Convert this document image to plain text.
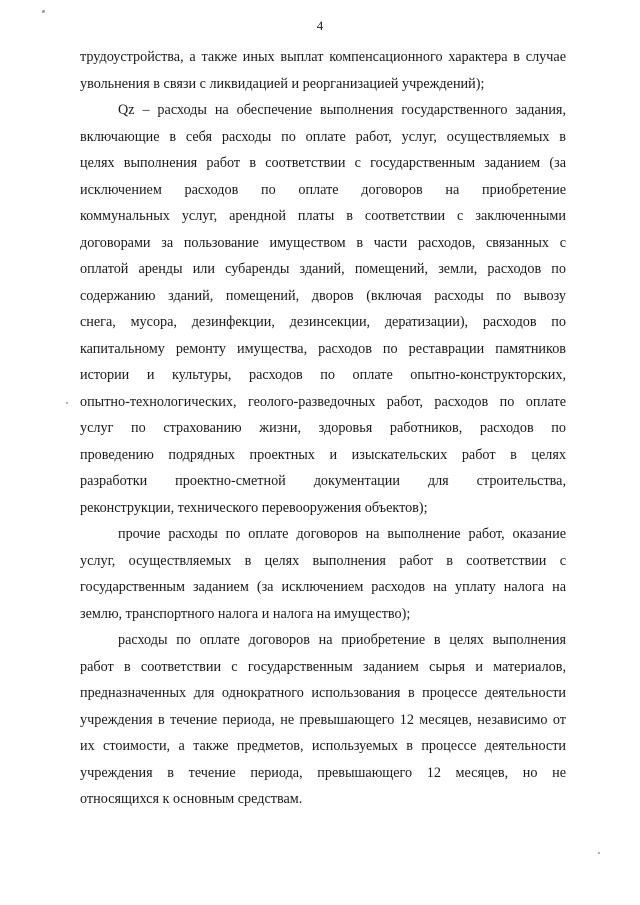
4
трудоустройства, а также иных выплат компенсационного характера в случае
увольнения в связи с ликвидацией и реорганизацией учреждений);
Qz – расходы на обеспечение выполнения государственного задания,
включающие в себя расходы по оплате работ, услуг, осуществляемых в
целях выполнения работ в соответствии с государственным заданием (за
исключением расходов по оплате договоров на приобретение
коммунальных услуг, арендной платы в соответствии с заключенными
договорами за пользование имуществом в части расходов, связанных с
оплатой аренды или субаренды зданий, помещений, земли, расходов по
содержанию зданий, помещений, дворов (включая расходы по вывозу
снега, мусора, дезинфекции, дезинсекции, дератизации), расходов по
капитальному ремонту имущества, расходов по реставрации памятников
истории и культуры, расходов по оплате опытно-конструкторских,
опытно-технологических, геолого-разведочных работ, расходов по оплате
услуг по страхованию жизни, здоровья работников, расходов по
проведению подрядных проектных и изыскательских работ в целях
разработки проектно-сметной документации для строительства,
реконструкции, технического перевооружения объектов);
прочие расходы по оплате договоров на выполнение работ, оказание
услуг, осуществляемых в целях выполнения работ в соответствии с
государственным заданием (за исключением расходов на уплату налога на
землю, транспортного налога и налога на имущество);
расходы по оплате договоров на приобретение в целях выполнения
работ в соответствии с государственным заданием сырья и материалов,
предназначенных для однократного использования в процессе деятельности
учреждения в течение периода, не превышающего 12 месяцев, независимо от
их стоимости, а также предметов, используемых в процессе деятельности
учреждения в течение периода, превышающего 12 месяцев, но не
относящихся к основным средствам.
